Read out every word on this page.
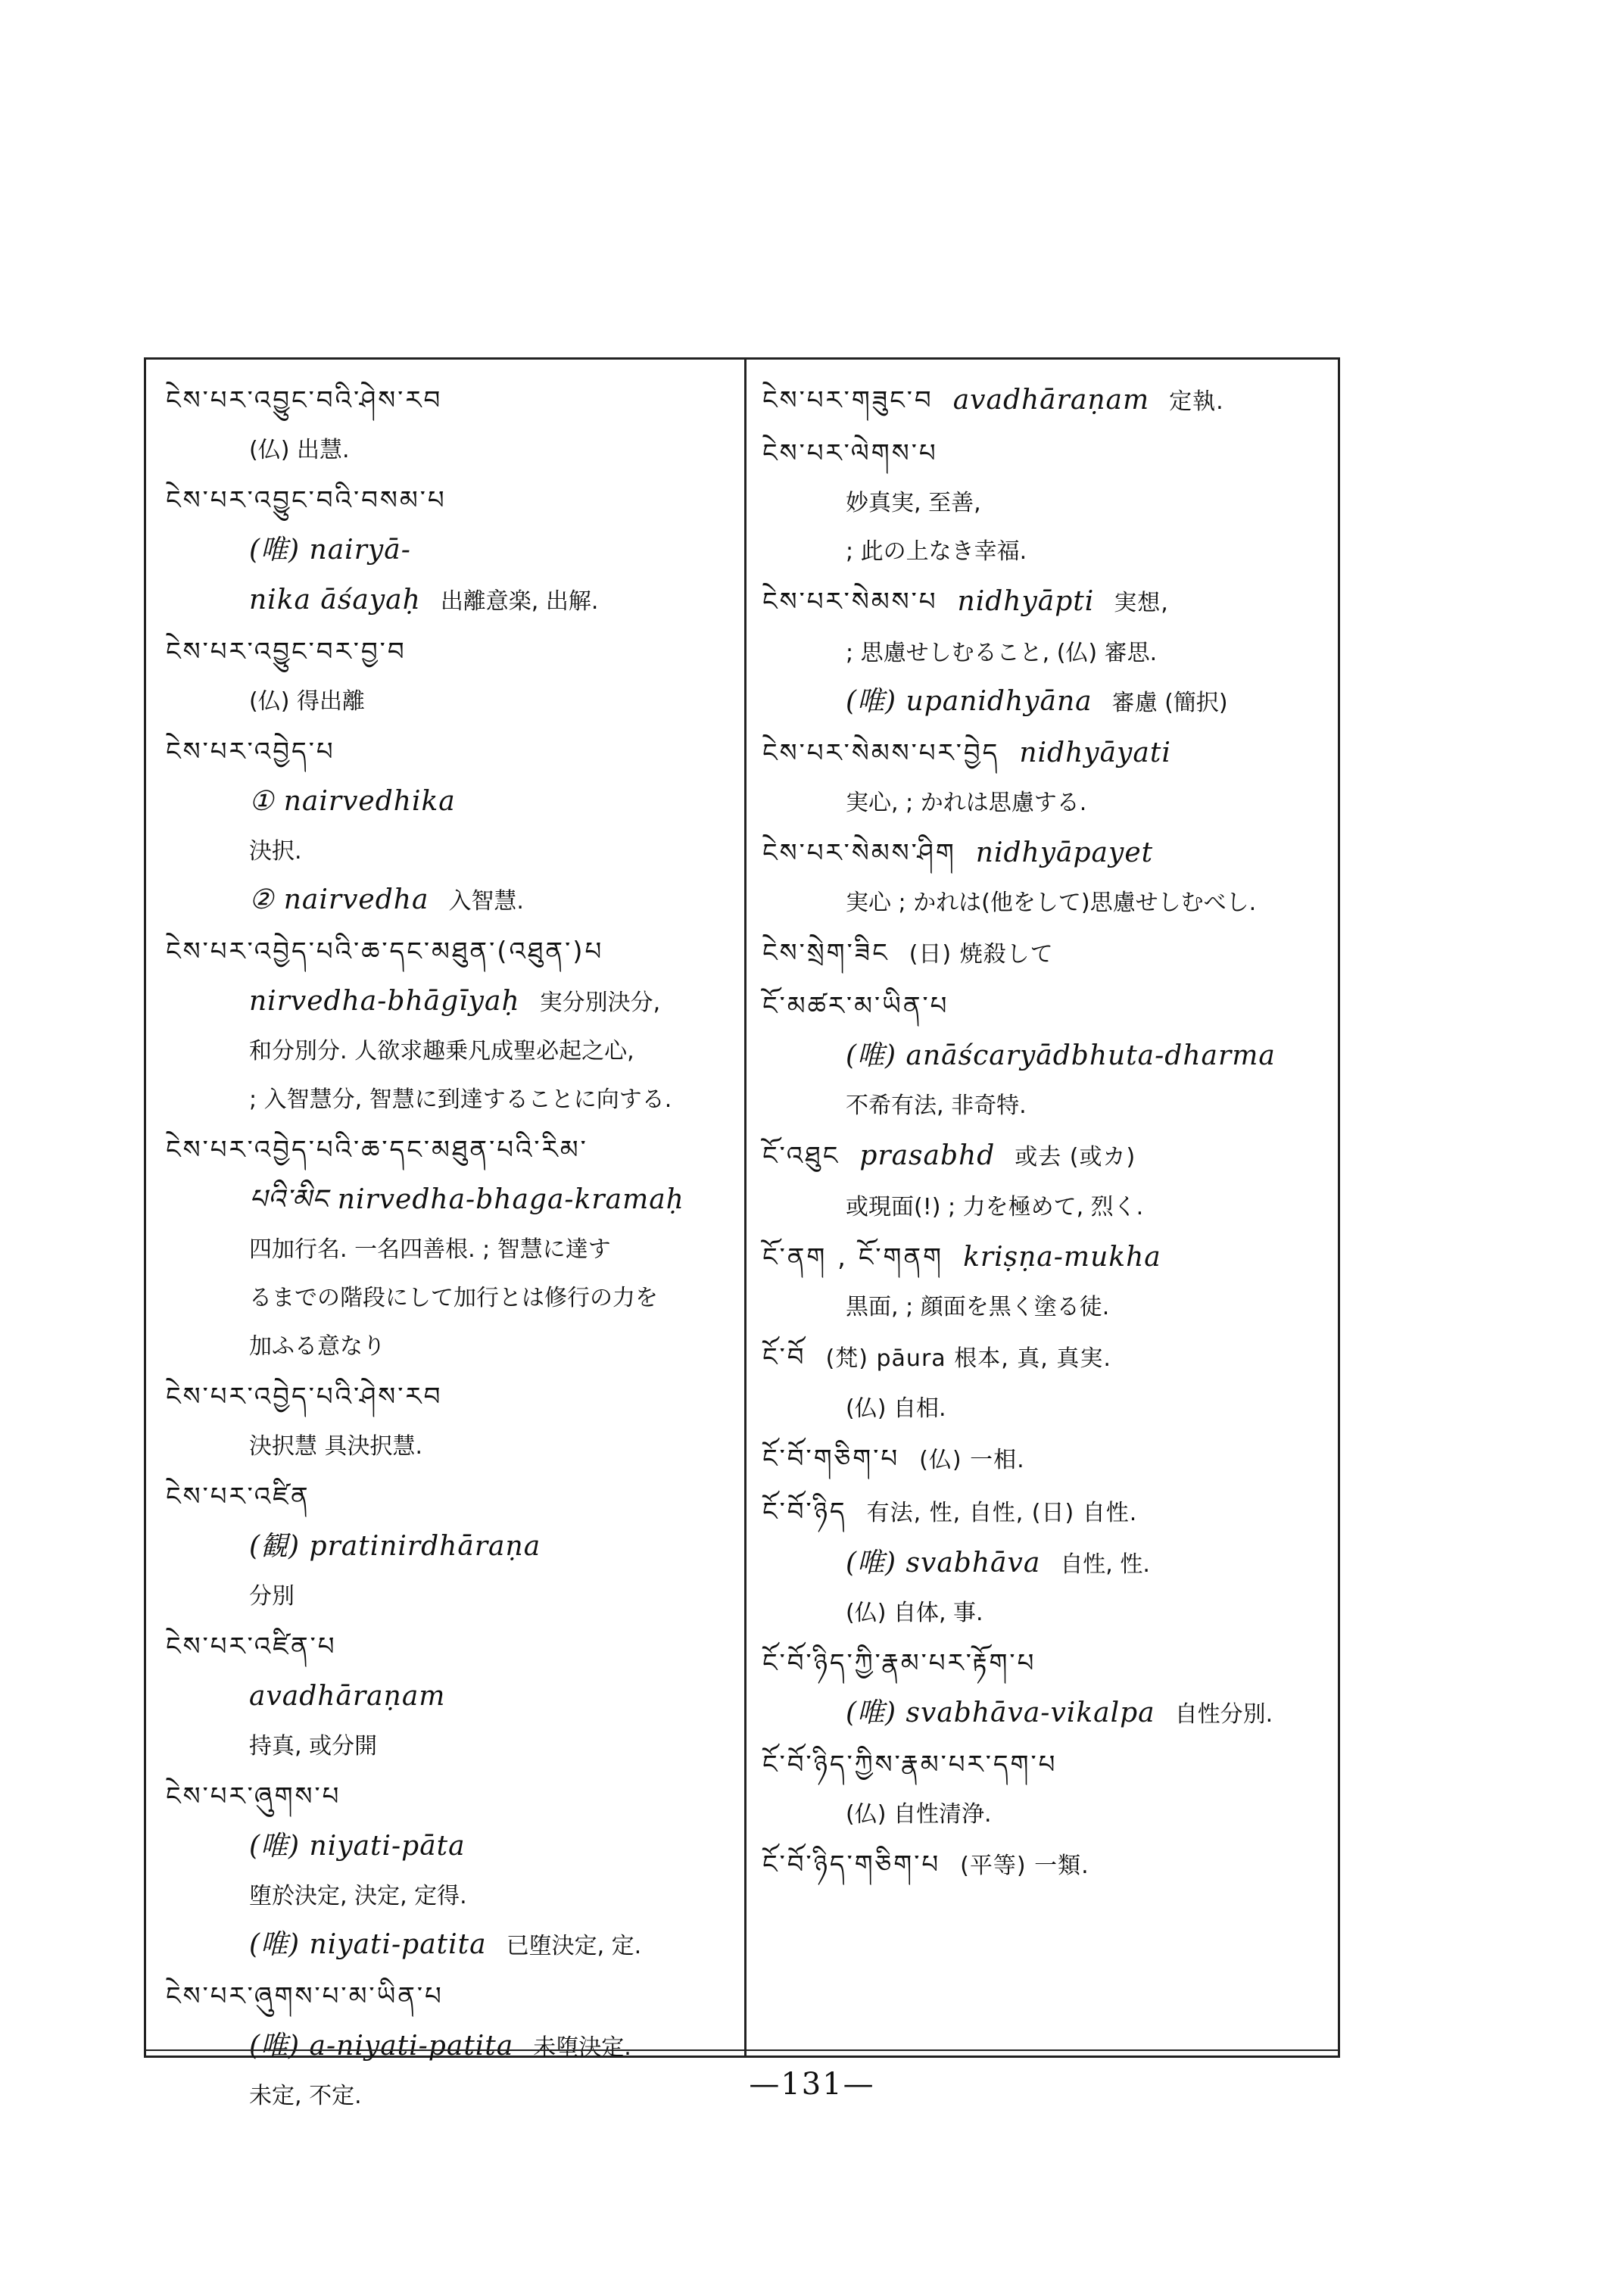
ངེས་པར་འབྱུང་བའི་ཤེས་རབ
(仏) 出慧.
ངེས་པར་འབྱུང་བའི་བསམ་པ
(唯) nairyā-
nika āśayaḥ 出離意楽, 出解.
ངེས་པར་འབྱུང་བར་བྱ་བ
(仏) 得出離
ངེས་པར་འབྱེད་པ
① nairvedhika
決択.
② nairvedha 入智慧.
ངེས་པར་འབྱེད་པའི་ཆ་དང་མཐུན་(འཐུན་)པ
nirvedha-bhāgīyaḥ 実分別決分,
和分別分. 人欲求趣乗凡成聖必起之心,
; 入智慧分, 智慧に到達することに向する.
ངེས་པར་འབྱེད་པའི་ཆ་དང་མཐུན་པའི་རིམ་
པའི་མིང nirvedha-bhaga-kramaḥ
四加行名. 一名四善根. ; 智慧に達す
るまでの階段にして加行とは修行の力を
加ふる意なり
ངེས་པར་འབྱེད་པའི་ཤེས་རབ
決択慧 具決択慧.
ངེས་པར་འཛིན
(観) pratinirdhāraṇa
分別
ངེས་པར་འཛིན་པ
avadhāraṇam
持真, 或分開
ངེས་པར་ཞུགས་པ
(唯) niyati-pāta
堕於決定, 決定, 定得.
(唯) niyati-patita 已堕決定, 定.
ངེས་པར་ཞུགས་པ་མ་ཡིན་པ
(唯) a-niyati-patita 未堕決定.
未定, 不定.
ངེས་པར་གཟུང་བ avadhāraṇam 定執.
ངེས་པར་ལེགས་པ
妙真実, 至善,
; 此の上なき幸福.
ངེས་པར་སེམས་པ nidhyāpti 実想,
; 思慮せしむること, (仏) 審思.
(唯) upanidhyāna 審慮 (簡択)
ངེས་པར་སེམས་པར་བྱེད nidhyāyati
実心, ; かれは思慮する.
ངེས་པར་སེམས་ཤིག nidhyāpayet
実心 ; かれは(他をして)思慮せしむべし.
ངེས་སྲེག་ཟིང (日) 焼殺して
ངོ་མཚར་མ་ཡིན་པ
(唯) anāścaryādbhuta-dharma
不希有法, 非奇特.
ངོ་འཐུང prasabhd 或去 (或カ)
或現面(!) ; 力を極めて, 烈く.
ངོ་ནག , ངོ་གནག kriṣṇa-mukha
黒面, ; 顔面を黒く塗る徒.
ངོ་བོ (梵) pāura 根本, 真, 真実.
(仏) 自相.
ངོ་བོ་གཅིག་པ (仏) 一相.
ངོ་བོ་ཉིད 有法, 性, 自性, (日) 自性.
(唯) svabhāva 自性, 性.
(仏) 自体, 事.
ངོ་བོ་ཉིད་ཀྱི་རྣམ་པར་རྟོག་པ
(唯) svabhāva-vikalpa 自性分別.
ངོ་བོ་ཉིད་ཀྱིས་རྣམ་པར་དག་པ
(仏) 自性清浄.
ངོ་བོ་ཉིད་གཅིག་པ (平等) 一類.
—131—
